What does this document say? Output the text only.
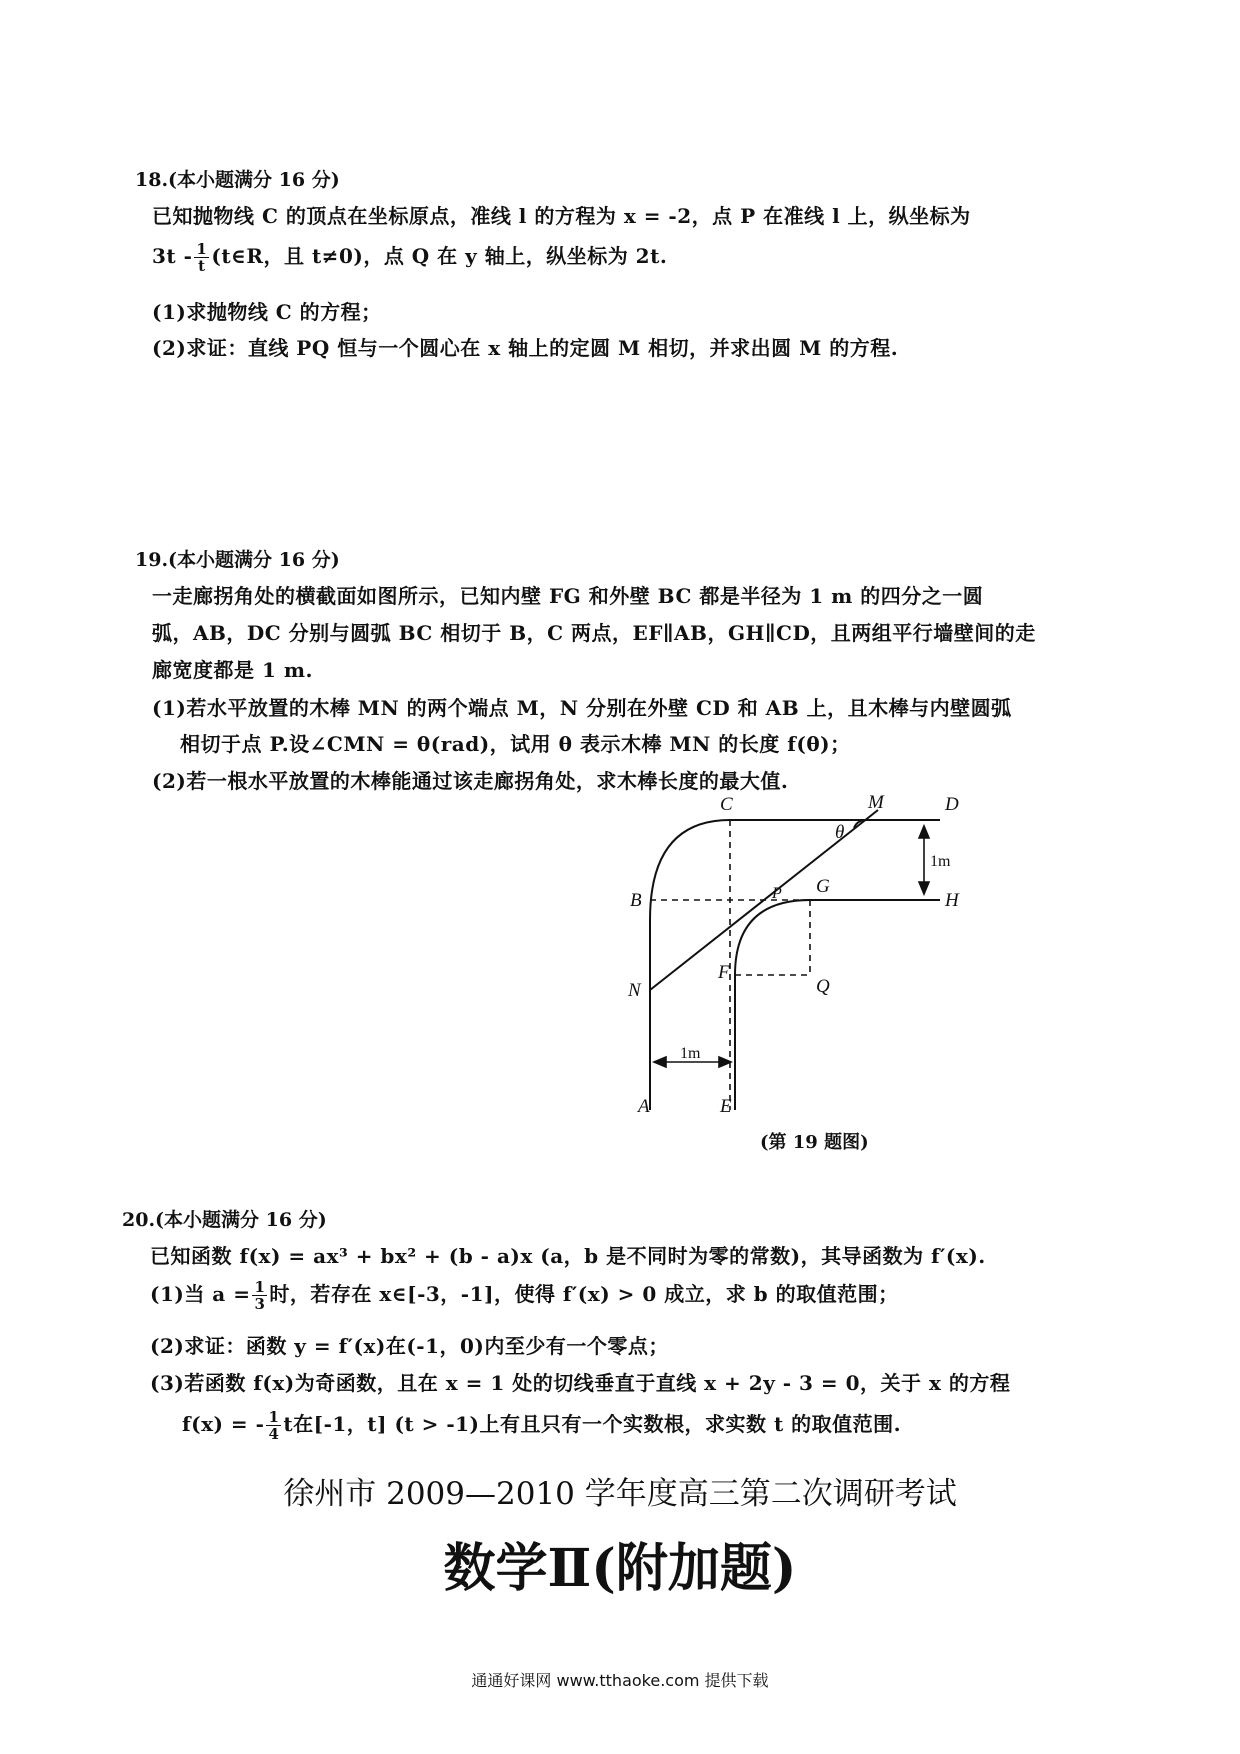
18.(本小题满分 16 分)
已知抛物线 C 的顶点在坐标原点，准线 l 的方程为 x = -2，点 P 在准线 l 上，纵坐标为
$3t - \frac{1}{t}$ (t∈R，且 t≠0)，点 Q 在 y 轴上，纵坐标为 2t.
(1)求抛物线 C 的方程；
(2)求证：直线 PQ 恒与一个圆心在 x 轴上的定圆 M 相切，并求出圆 M 的方程.
19.(本小题满分 16 分)
一走廊拐角处的横截面如图所示，已知内壁 FG 和外壁 BC 都是半径为 1 m 的四分之一圆
弧，AB，DC 分别与圆弧 BC 相切于 B，C 两点，EF∥AB，GH∥CD，且两组平行墙壁间的走
廊宽度都是 1 m.
(1)若水平放置的木棒 MN 的两个端点 M，N 分别在外壁 CD 和 AB 上，且木棒与内壁圆弧
相切于点 P.设∠CMN = θ(rad)，试用 θ 表示木棒 MN 的长度 f(θ)；
(2)若一根水平放置的木棒能通过该走廊拐角处，求木棒长度的最大值.
C	M	D
θ
B	P G
H
F
Q
N
A	E
1m
1m
(第 19 题图)
20.(本小题满分 16 分)
已知函数 f(x) = ax³ + bx² + (b - a)x (a，b 是不同时为零的常数)，其导函数为 f′(x).
(1)当 $a = \frac{1}{3}$ 时，若存在 x∈[-3，-1]，使得 f′(x) > 0 成立，求 b 的取值范围；
(2)求证：函数 y = f′(x)在(-1，0)内至少有一个零点；
(3)若函数 f(x)为奇函数，且在 x = 1 处的切线垂直于直线 x + 2y - 3 = 0，关于 x 的方程
f(x) = - $\frac{1}{4}$ t在[-1，t] (t > -1)上有且只有一个实数根，求实数 t 的取值范围.
徐州市 2009—2010 学年度高三第二次调研考试
数学Ⅱ(附加题)
通通好课网 www.tthaoke.com 提供下载
